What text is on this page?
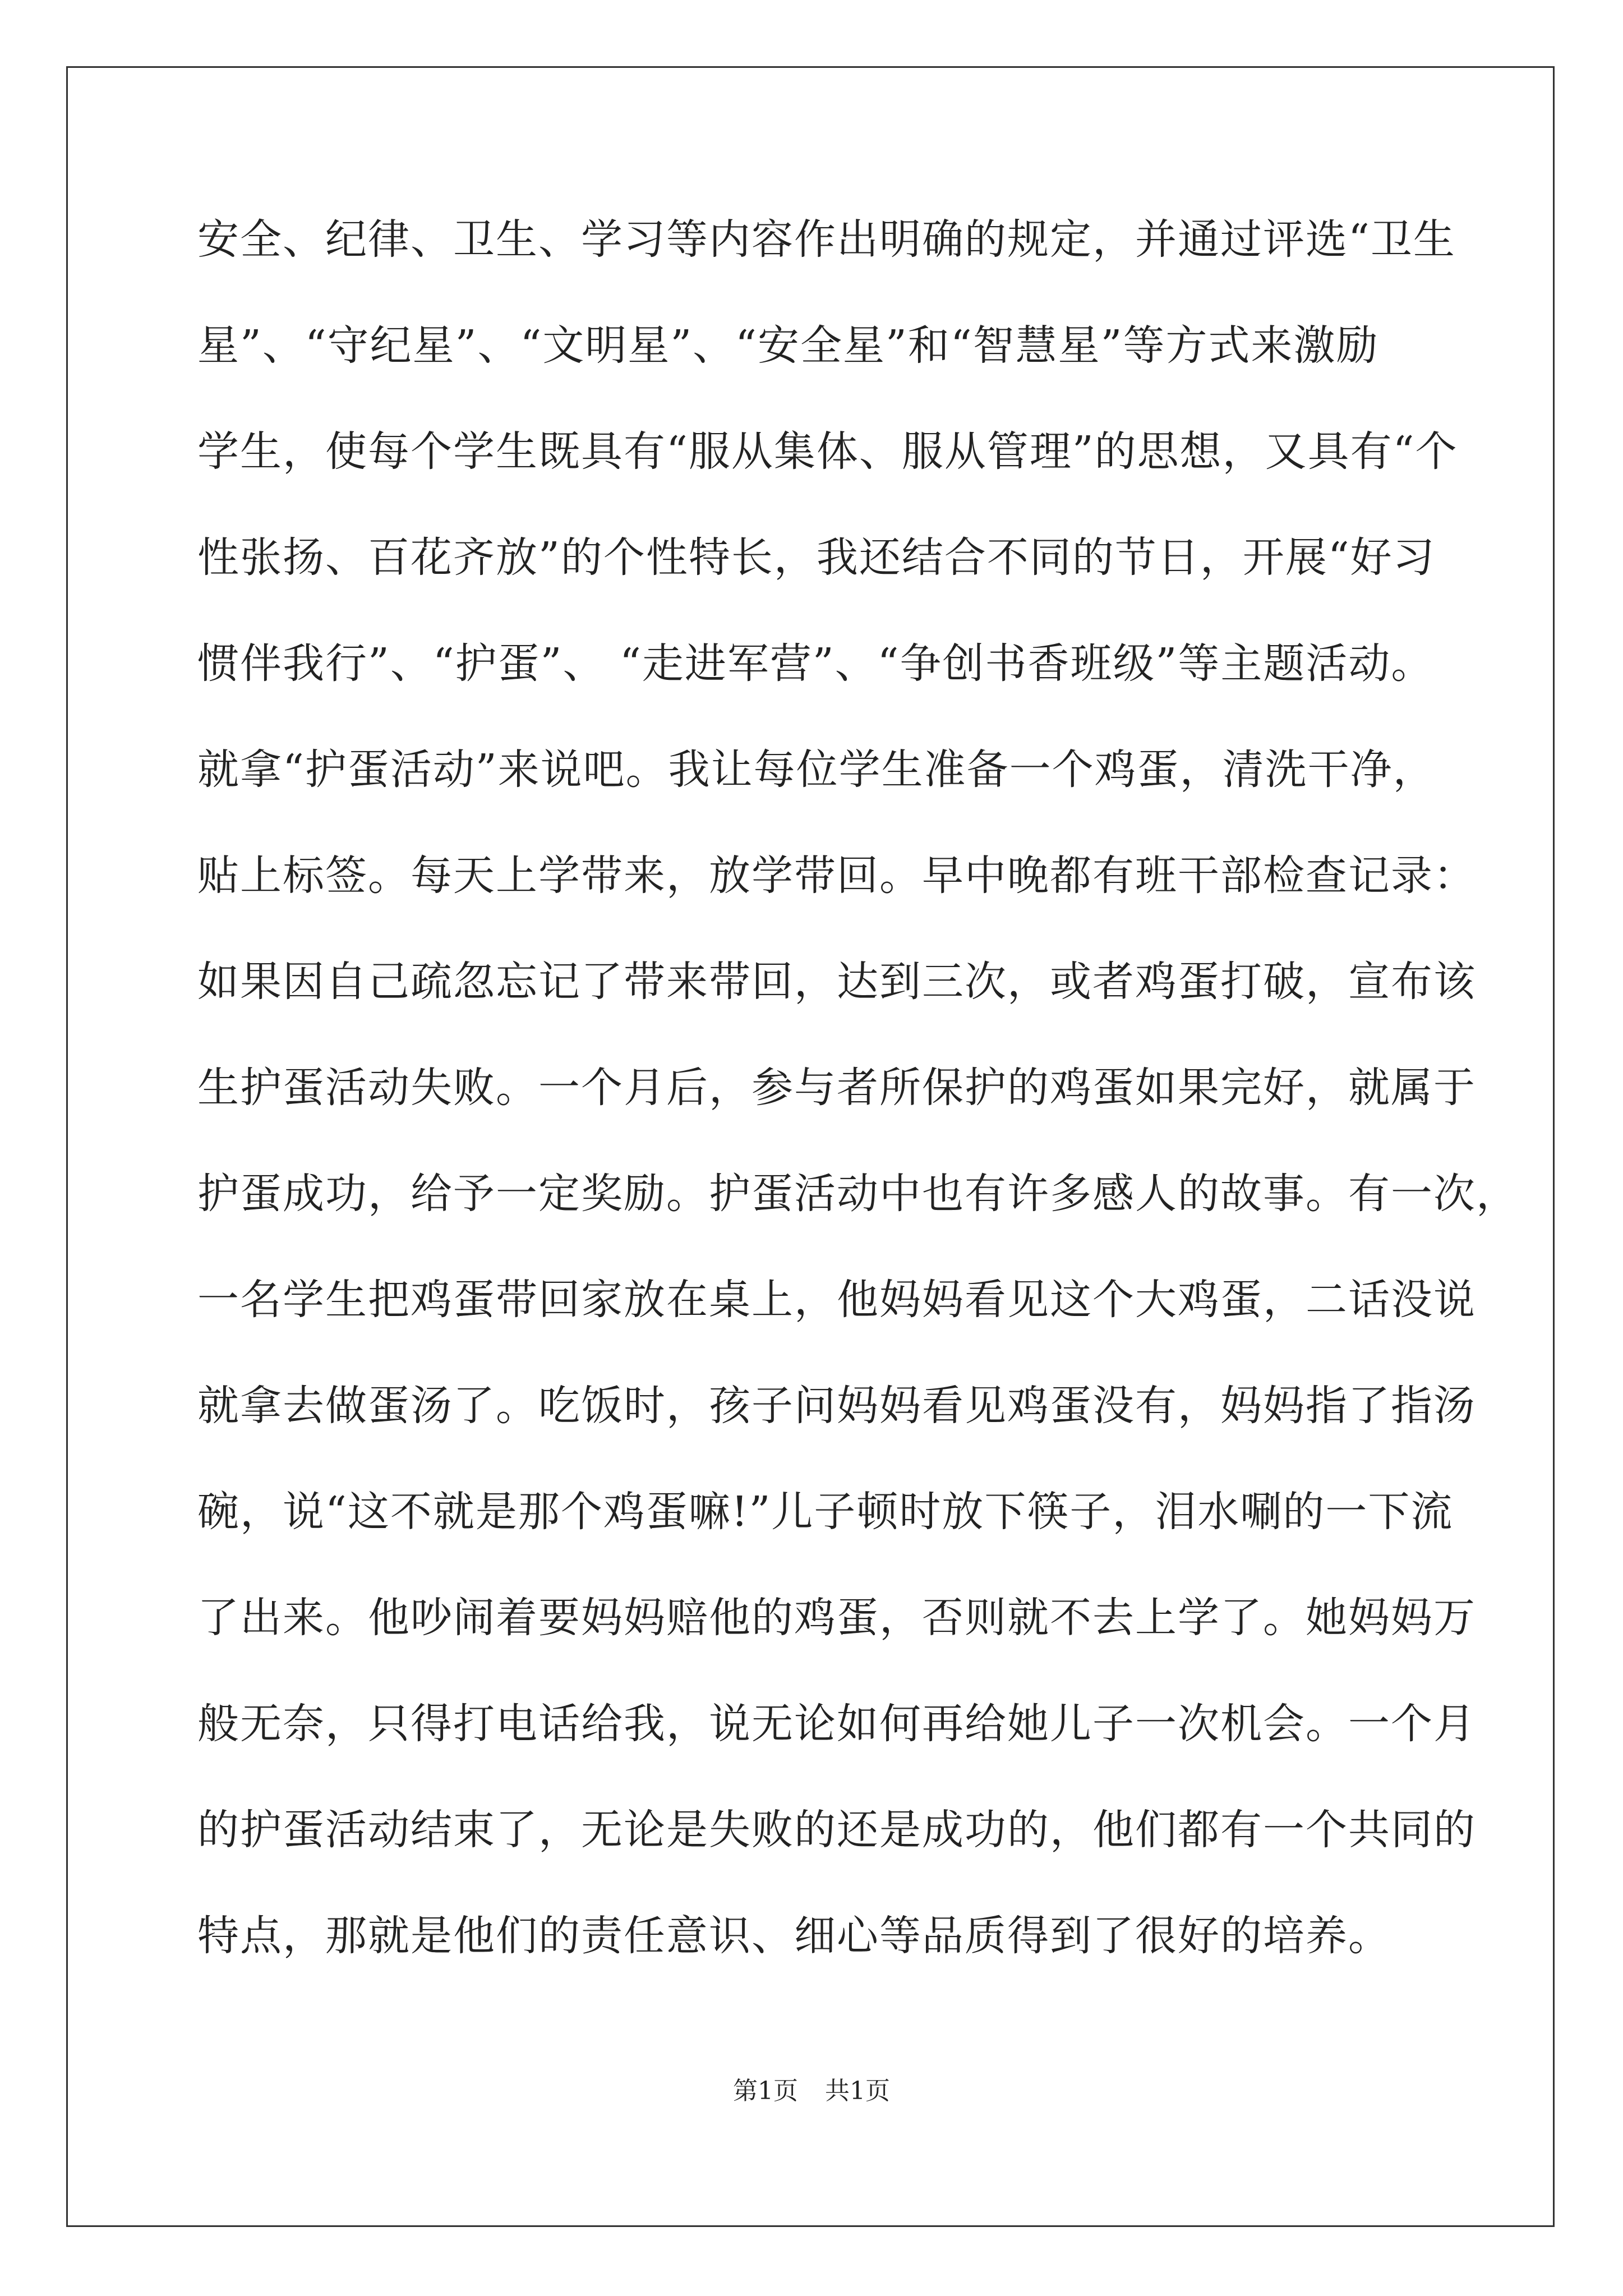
安全、纪律、卫生、学习等内容作出明确的规定，并通过评选“卫生
星”、“守纪星”、“文明星”、“安全星”和“智慧星”等方式来激励
学生，使每个学生既具有“服从集体、服从管理”的思想，又具有“个
性张扬、百花齐放”的个性特长，我还结合不同的节日，开展“好习
惯伴我行”、“护蛋”、 “走进军营”、“争创书香班级”等主题活动。
就拿“护蛋活动”来说吧。我让每位学生准备一个鸡蛋，清洗干净，
贴上标签。每天上学带来，放学带回。早中晚都有班干部检查记录：
如果因自己疏忽忘记了带来带回，达到三次，或者鸡蛋打破，宣布该
生护蛋活动失败。一个月后，参与者所保护的鸡蛋如果完好，就属于
护蛋成功，给予一定奖励。护蛋活动中也有许多感人的故事。有一次，
一名学生把鸡蛋带回家放在桌上，他妈妈看见这个大鸡蛋，二话没说
就拿去做蛋汤了。吃饭时，孩子问妈妈看见鸡蛋没有，妈妈指了指汤
碗，说“这不就是那个鸡蛋嘛!”儿子顿时放下筷子，泪水唰的一下流
了出来。他吵闹着要妈妈赔他的鸡蛋，否则就不去上学了。她妈妈万
般无奈，只得打电话给我，说无论如何再给她儿子一次机会。一个月
的护蛋活动结束了，无论是失败的还是成功的，他们都有一个共同的
特点，那就是他们的责任意识、细心等品质得到了很好的培养。
第1页 共1页
